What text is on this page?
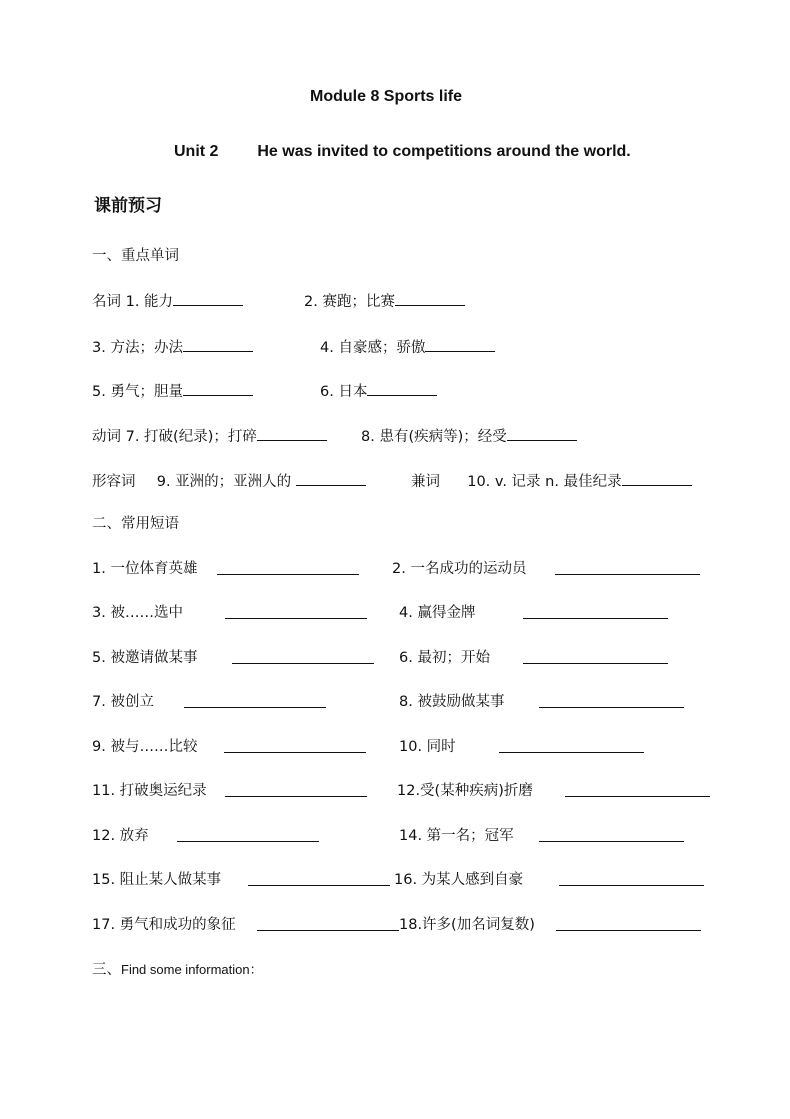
Module 8 Sports life
Unit 2 He was invited to competitions around the world.
课前预习
一、重点单词
名词 1. 能力	2. 赛跑；比赛
3. 方法；办法	4. 自豪感；骄傲
5. 勇气；胆量	6. 日本
动词 7. 打破(纪录)；打碎	8. 患有(疾病等)；经受
形容词 9. 亚洲的；亚洲人的	兼词 10. v. 记录 n. 最佳纪录
二、常用短语
1. 一位体育英雄	2. 一名成功的运动员
3. 被……选中	4. 赢得金牌
5. 被邀请做某事	6. 最初；开始
7. 被创立	8. 被鼓励做某事
9. 被与……比较	10. 同时
11. 打破奥运纪录	12.受(某种疾病)折磨
12. 放弃	14. 第一名；冠军
15. 阻止某人做某事	16. 为某人感到自豪
17. 勇气和成功的象征	18.许多(加名词复数)
三、Find some information：
